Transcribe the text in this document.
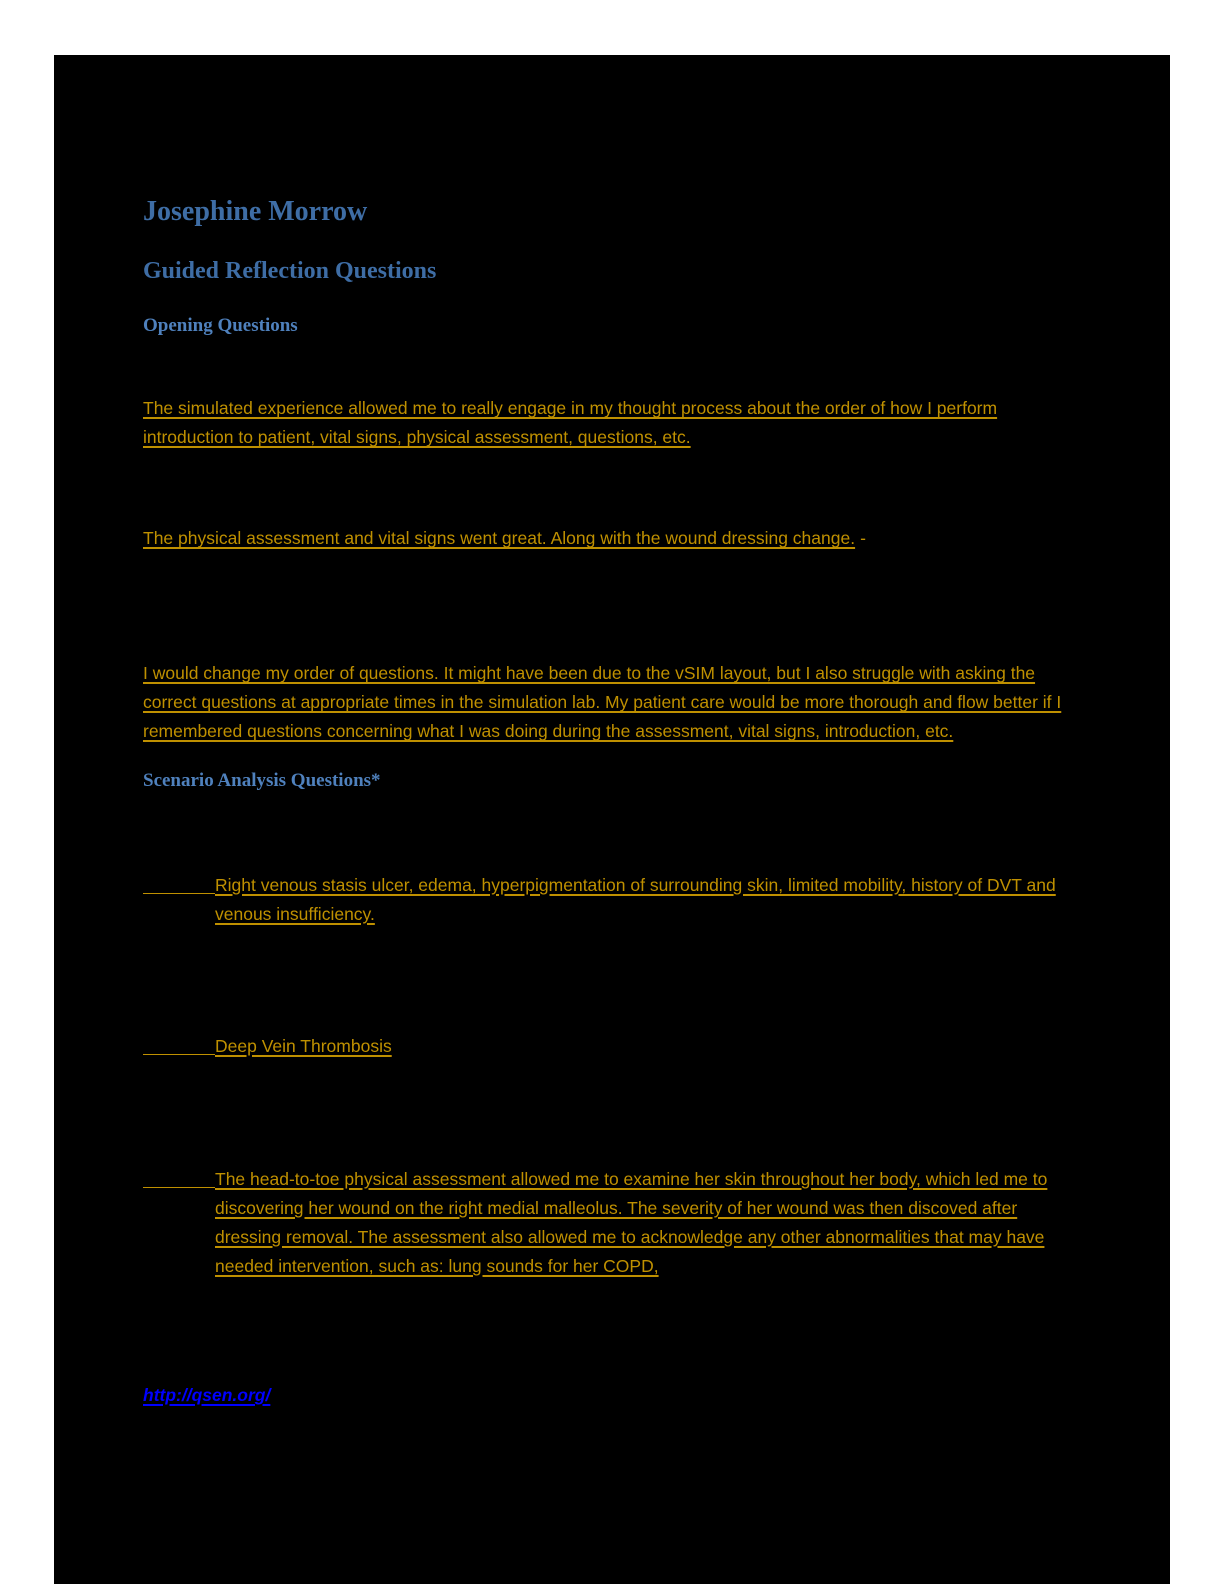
Josephine Morrow
Guided Reflection Questions
Opening Questions

The simulated experience allowed me to really engage in my thought process about the order of how I perform introduction to patient, vital signs, physical assessment, questions, etc.

The physical assessment and vital signs went great. Along with the wound dressing change. -

I would change my order of questions. It might have been due to the vSIM layout, but I also struggle with asking the correct questions at appropriate times in the simulation lab. My patient care would be more thorough and flow better if I remembered questions concerning what I was doing during the assessment, vital signs, introduction, etc.

Scenario Analysis Questions*

Right venous stasis ulcer, edema, hyperpigmentation of surrounding skin, limited mobility, history of DVT and venous insufficiency.

Deep Vein Thrombosis

The head-to-toe physical assessment allowed me to examine her skin throughout her body, which led me to discovering her wound on the right medial malleolus. The severity of her wound was then discoved after dressing removal. The assessment also allowed me to acknowledge any other abnormalities that may have needed intervention, such as: lung sounds for her COPD,

http://qsen.org/
